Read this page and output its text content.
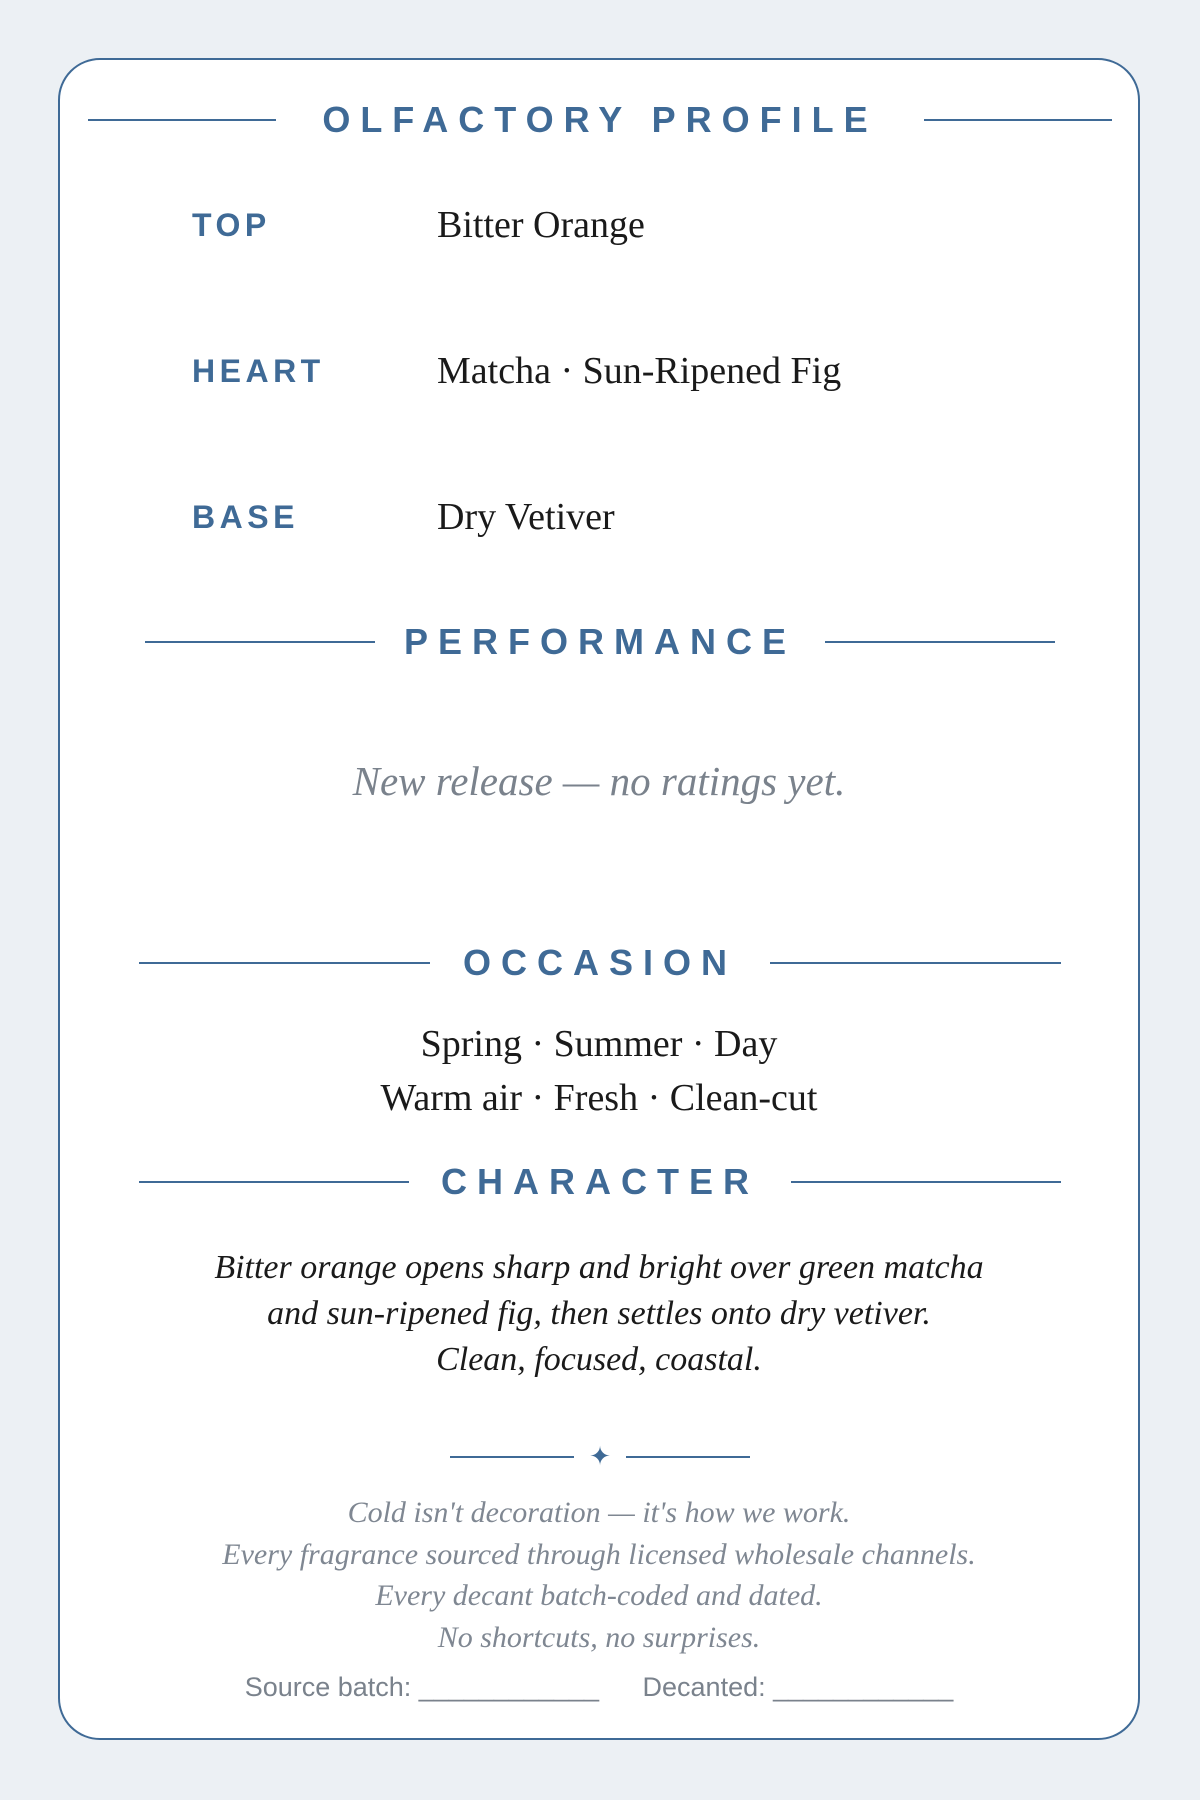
OLFACTORY PROFILE
TOP	Bitter Orange
HEART	Matcha · Sun-Ripened Fig
BASE	Dry Vetiver
PERFORMANCE
New release — no ratings yet.
OCCASION
Spring · Summer · Day
Warm air · Fresh · Clean-cut
CHARACTER
Bitter orange opens sharp and bright over green matcha
and sun-ripened fig, then settles onto dry vetiver.
Clean, focused, coastal.
✦
Cold isn't decoration — it's how we work.
Every fragrance sourced through licensed wholesale channels.
Every decant batch-coded and dated.
No shortcuts, no surprises.
Source batch: ____________ Decanted: ____________
